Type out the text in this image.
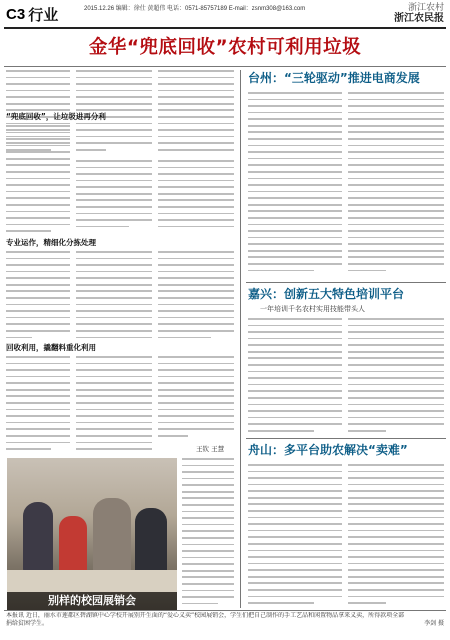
C3 行业	2015.12.26 编辑：徐仕 黄超伟 电话：0571-85757189 E-mail：zsnm308@163.com	浙江农村
浙江农民报
金华“兜底回收”农村可利用垃圾
“兜底回收”，让垃圾进再分利
专业运作，精细化分拣处理
回收利用，撬翻料重化利用
王钦 王慧
别样的校园展销会
台州：“三轮驱动”推进电商发展
嘉兴：创新五大特色培训平台
一年培训千名农村实用技能带头人
舟山：多平台助农解决“卖难”
本报讯 近日，丽水市莲都区碧湖镇中心学校开展别开生面的“爱心义卖”校园展销会，学生们把自己制作的手工艺品和闲置物品拿来义卖，所得款项全部捐给贫困学生。	李剑 摄
